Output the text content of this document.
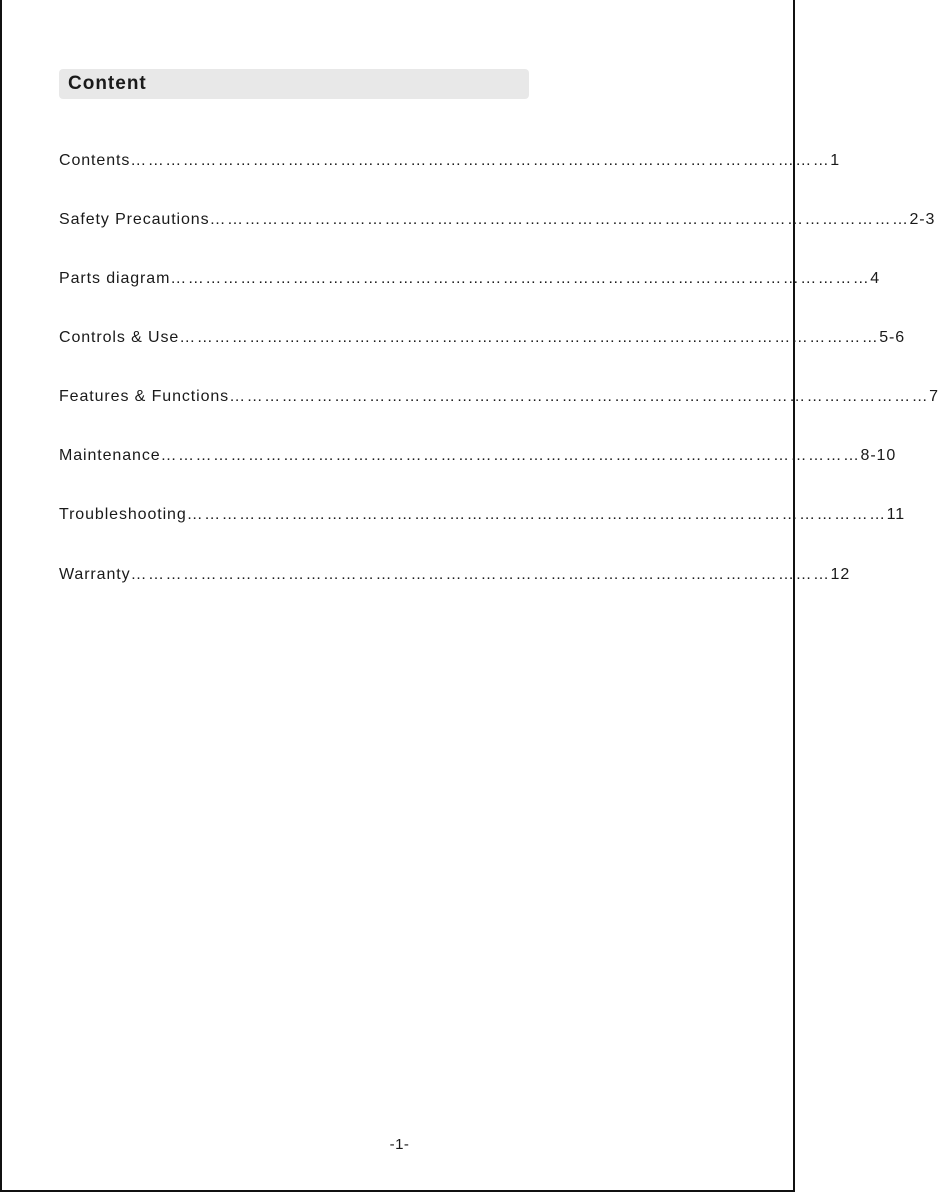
Content
Contents ………………………………………………………………………………………………………… 1
Safety Precautions ………………………………………………………………………………………………………… 2-3
Parts diagram ………………………………………………………………………………………………………… 4
Controls & Use ………………………………………………………………………………………………………… 5-6
Features & Functions ………………………………………………………………………………………………………… 7
Maintenance ………………………………………………………………………………………………………… 8-10
Troubleshooting ………………………………………………………………………………………………………… 11
Warranty ………………………………………………………………………………………………………… 12
-1-
